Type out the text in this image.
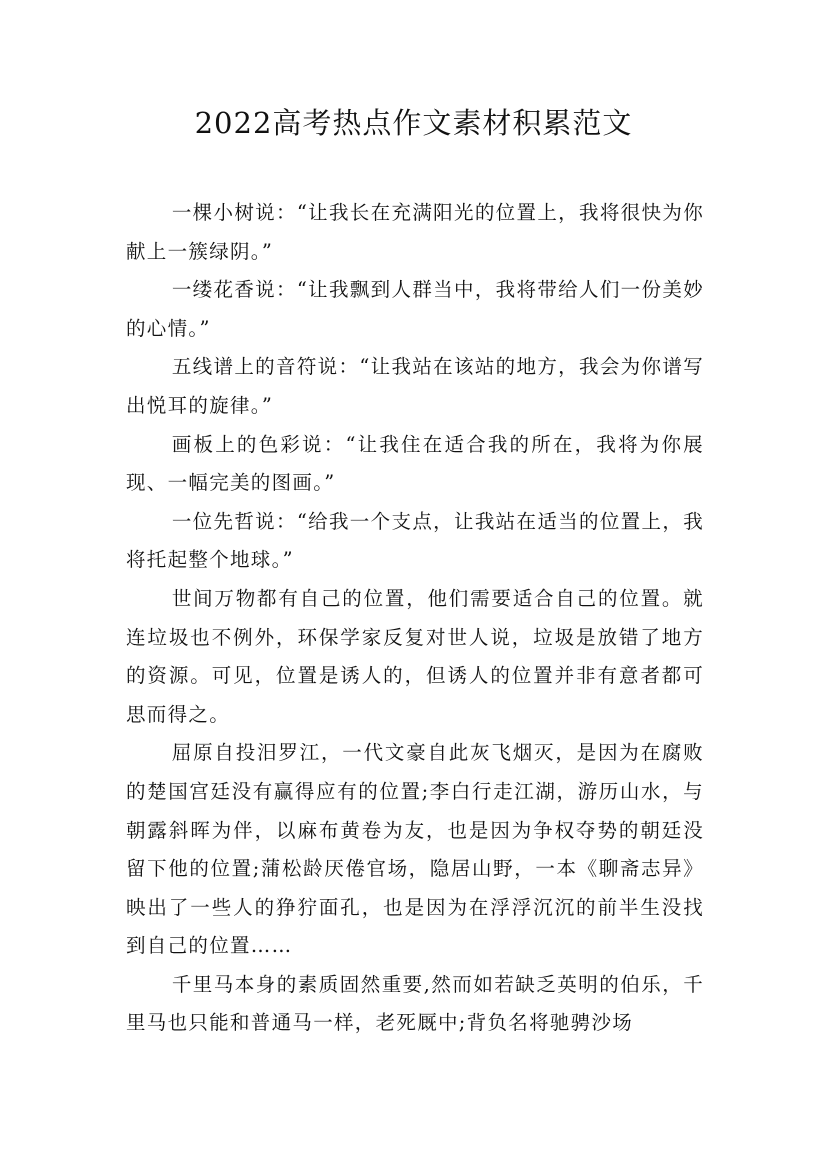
2022高考热点作文素材积累范文

一棵小树说：“让我长在充满阳光的位置上，我将很快为你献上一簇绿阴。”

一缕花香说：“让我飘到人群当中，我将带给人们一份美妙的心情。”

五线谱上的音符说：“让我站在该站的地方，我会为你谱写出悦耳的旋律。”

画板上的色彩说：“让我住在适合我的所在，我将为你展现、一幅完美的图画。”

一位先哲说：“给我一个支点，让我站在适当的位置上，我将托起整个地球。”

世间万物都有自己的位置，他们需要适合自己的位置。就连垃圾也不例外，环保学家反复对世人说，垃圾是放错了地方的资源。可见，位置是诱人的，但诱人的位置并非有意者都可思而得之。

屈原自投汨罗江，一代文豪自此灰飞烟灭，是因为在腐败的楚国宫廷没有赢得应有的位置;李白行走江湖，游历山水，与朝露斜晖为伴，以麻布黄卷为友，也是因为争权夺势的朝廷没留下他的位置;蒲松龄厌倦官场，隐居山野，一本《聊斋志异》映出了一些人的狰狞面孔，也是因为在浮浮沉沉的前半生没找到自己的位置……

千里马本身的素质固然重要,然而如若缺乏英明的伯乐，千里马也只能和普通马一样，老死厩中;背负名将驰骋沙场
